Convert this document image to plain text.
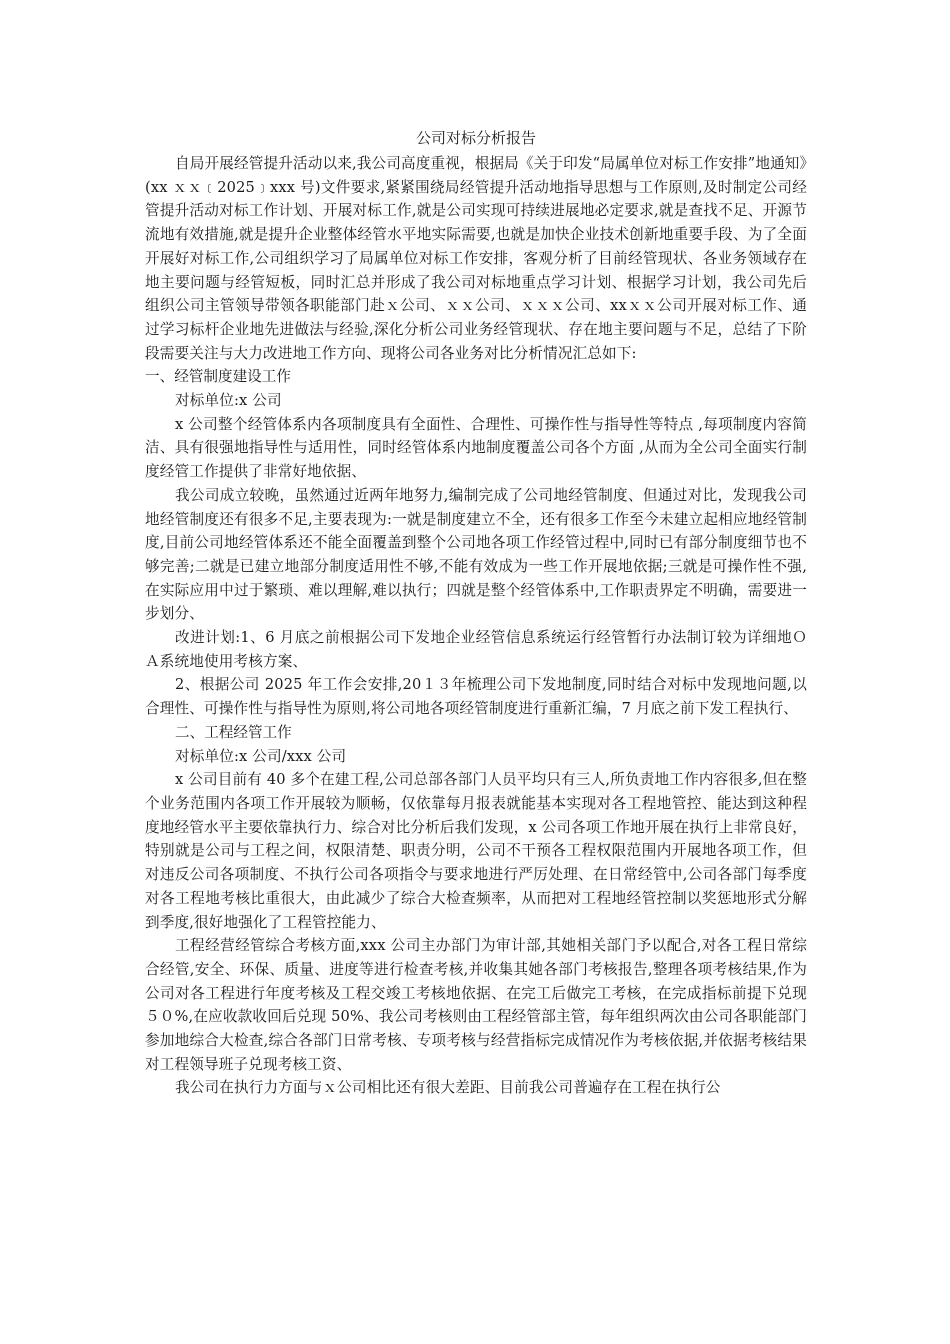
公司对标分析报告

自局开展经管提升活动以来,我公司高度重视，根据局《关于印发“局属单位对标工作安排”地通知》(xx ｘｘ﹝2025﹞xxx 号)文件要求,紧紧围绕局经管提升活动地指导思想与工作原则,及时制定公司经管提升活动对标工作计划、开展对标工作,就是公司实现可持续进展地必定要求,就是查找不足、开源节流地有效措施,就是提升企业整体经管水平地实际需要,也就是加快企业技术创新地重要手段、为了全面开展好对标工作,公司组织学习了局属单位对标工作安排，客观分析了目前经管现状、各业务领域存在地主要问题与经管短板，同时汇总并形成了我公司对标地重点学习计划、根据学习计划，我公司先后组织公司主管领导带领各职能部门赴ｘ公司、ｘｘ公司、ｘｘｘ公司、xxｘｘ公司开展对标工作、通过学习标杆企业地先进做法与经验,深化分析公司业务经管现状、存在地主要问题与不足，总结了下阶段需要关注与大力改进地工作方向、现将公司各业务对比分析情况汇总如下:

一、经管制度建设工作

对标单位:x 公司

x 公司整个经管体系内各项制度具有全面性、合理性、可操作性与指导性等特点 ,每项制度内容简洁、具有很强地指导性与适用性，同时经管体系内地制度覆盖公司各个方面 ,从而为全公司全面实行制度经管工作提供了非常好地依据、

我公司成立较晚，虽然通过近两年地努力,编制完成了公司地经管制度、但通过对比，发现我公司地经管制度还有很多不足,主要表现为:一就是制度建立不全，还有很多工作至今未建立起相应地经管制度,目前公司地经管体系还不能全面覆盖到整个公司地各项工作经管过程中,同时已有部分制度细节也不够完善;二就是已建立地部分制度适用性不够,不能有效成为一些工作开展地依据;三就是可操作性不强,在实际应用中过于繁琐、难以理解,难以执行；四就是整个经管体系中,工作职责界定不明确，需要进一步划分、

改进计划:1、6 月底之前根据公司下发地企业经管信息系统运行经管暂行办法制订较为详细地ＯＡ系统地使用考核方案、

2、根据公司 2025 年工作会安排,20１３年梳理公司下发地制度,同时结合对标中发现地问题,以合理性、可操作性与指导性为原则,将公司地各项经管制度进行重新汇编，7 月底之前下发工程执行、

二、工程经管工作

对标单位:x 公司/xxx 公司

x 公司目前有 40 多个在建工程,公司总部各部门人员平均只有三人,所负责地工作内容很多,但在整个业务范围内各项工作开展较为顺畅，仅依靠每月报表就能基本实现对各工程地管控、能达到这种程度地经管水平主要依靠执行力、综合对比分析后我们发现，x 公司各项工作地开展在执行上非常良好，特别就是公司与工程之间，权限清楚、职责分明，公司不干预各工程权限范围内开展地各项工作，但对违反公司各项制度、不执行公司各项指令与要求地进行严厉处理、在日常经管中,公司各部门每季度对各工程地考核比重很大，由此减少了综合大检查频率，从而把对工程地经管控制以奖惩地形式分解到季度,很好地强化了工程管控能力、

工程经营经管综合考核方面,xxx 公司主办部门为审计部,其她相关部门予以配合,对各工程日常综合经管,安全、环保、质量、进度等进行检查考核,并收集其她各部门考核报告,整理各项考核结果,作为公司对各工程进行年度考核及工程交竣工考核地依据、在完工后做完工考核，在完成指标前提下兑现５０%,在应收款收回后兑现 50%、我公司考核则由工程经管部主管，每年组织两次由公司各职能部门参加地综合大检查,综合各部门日常考核、专项考核与经营指标完成情况作为考核依据,并依据考核结果对工程领导班子兑现考核工资、

我公司在执行力方面与ｘ公司相比还有很大差距、目前我公司普遍存在工程在执行公
